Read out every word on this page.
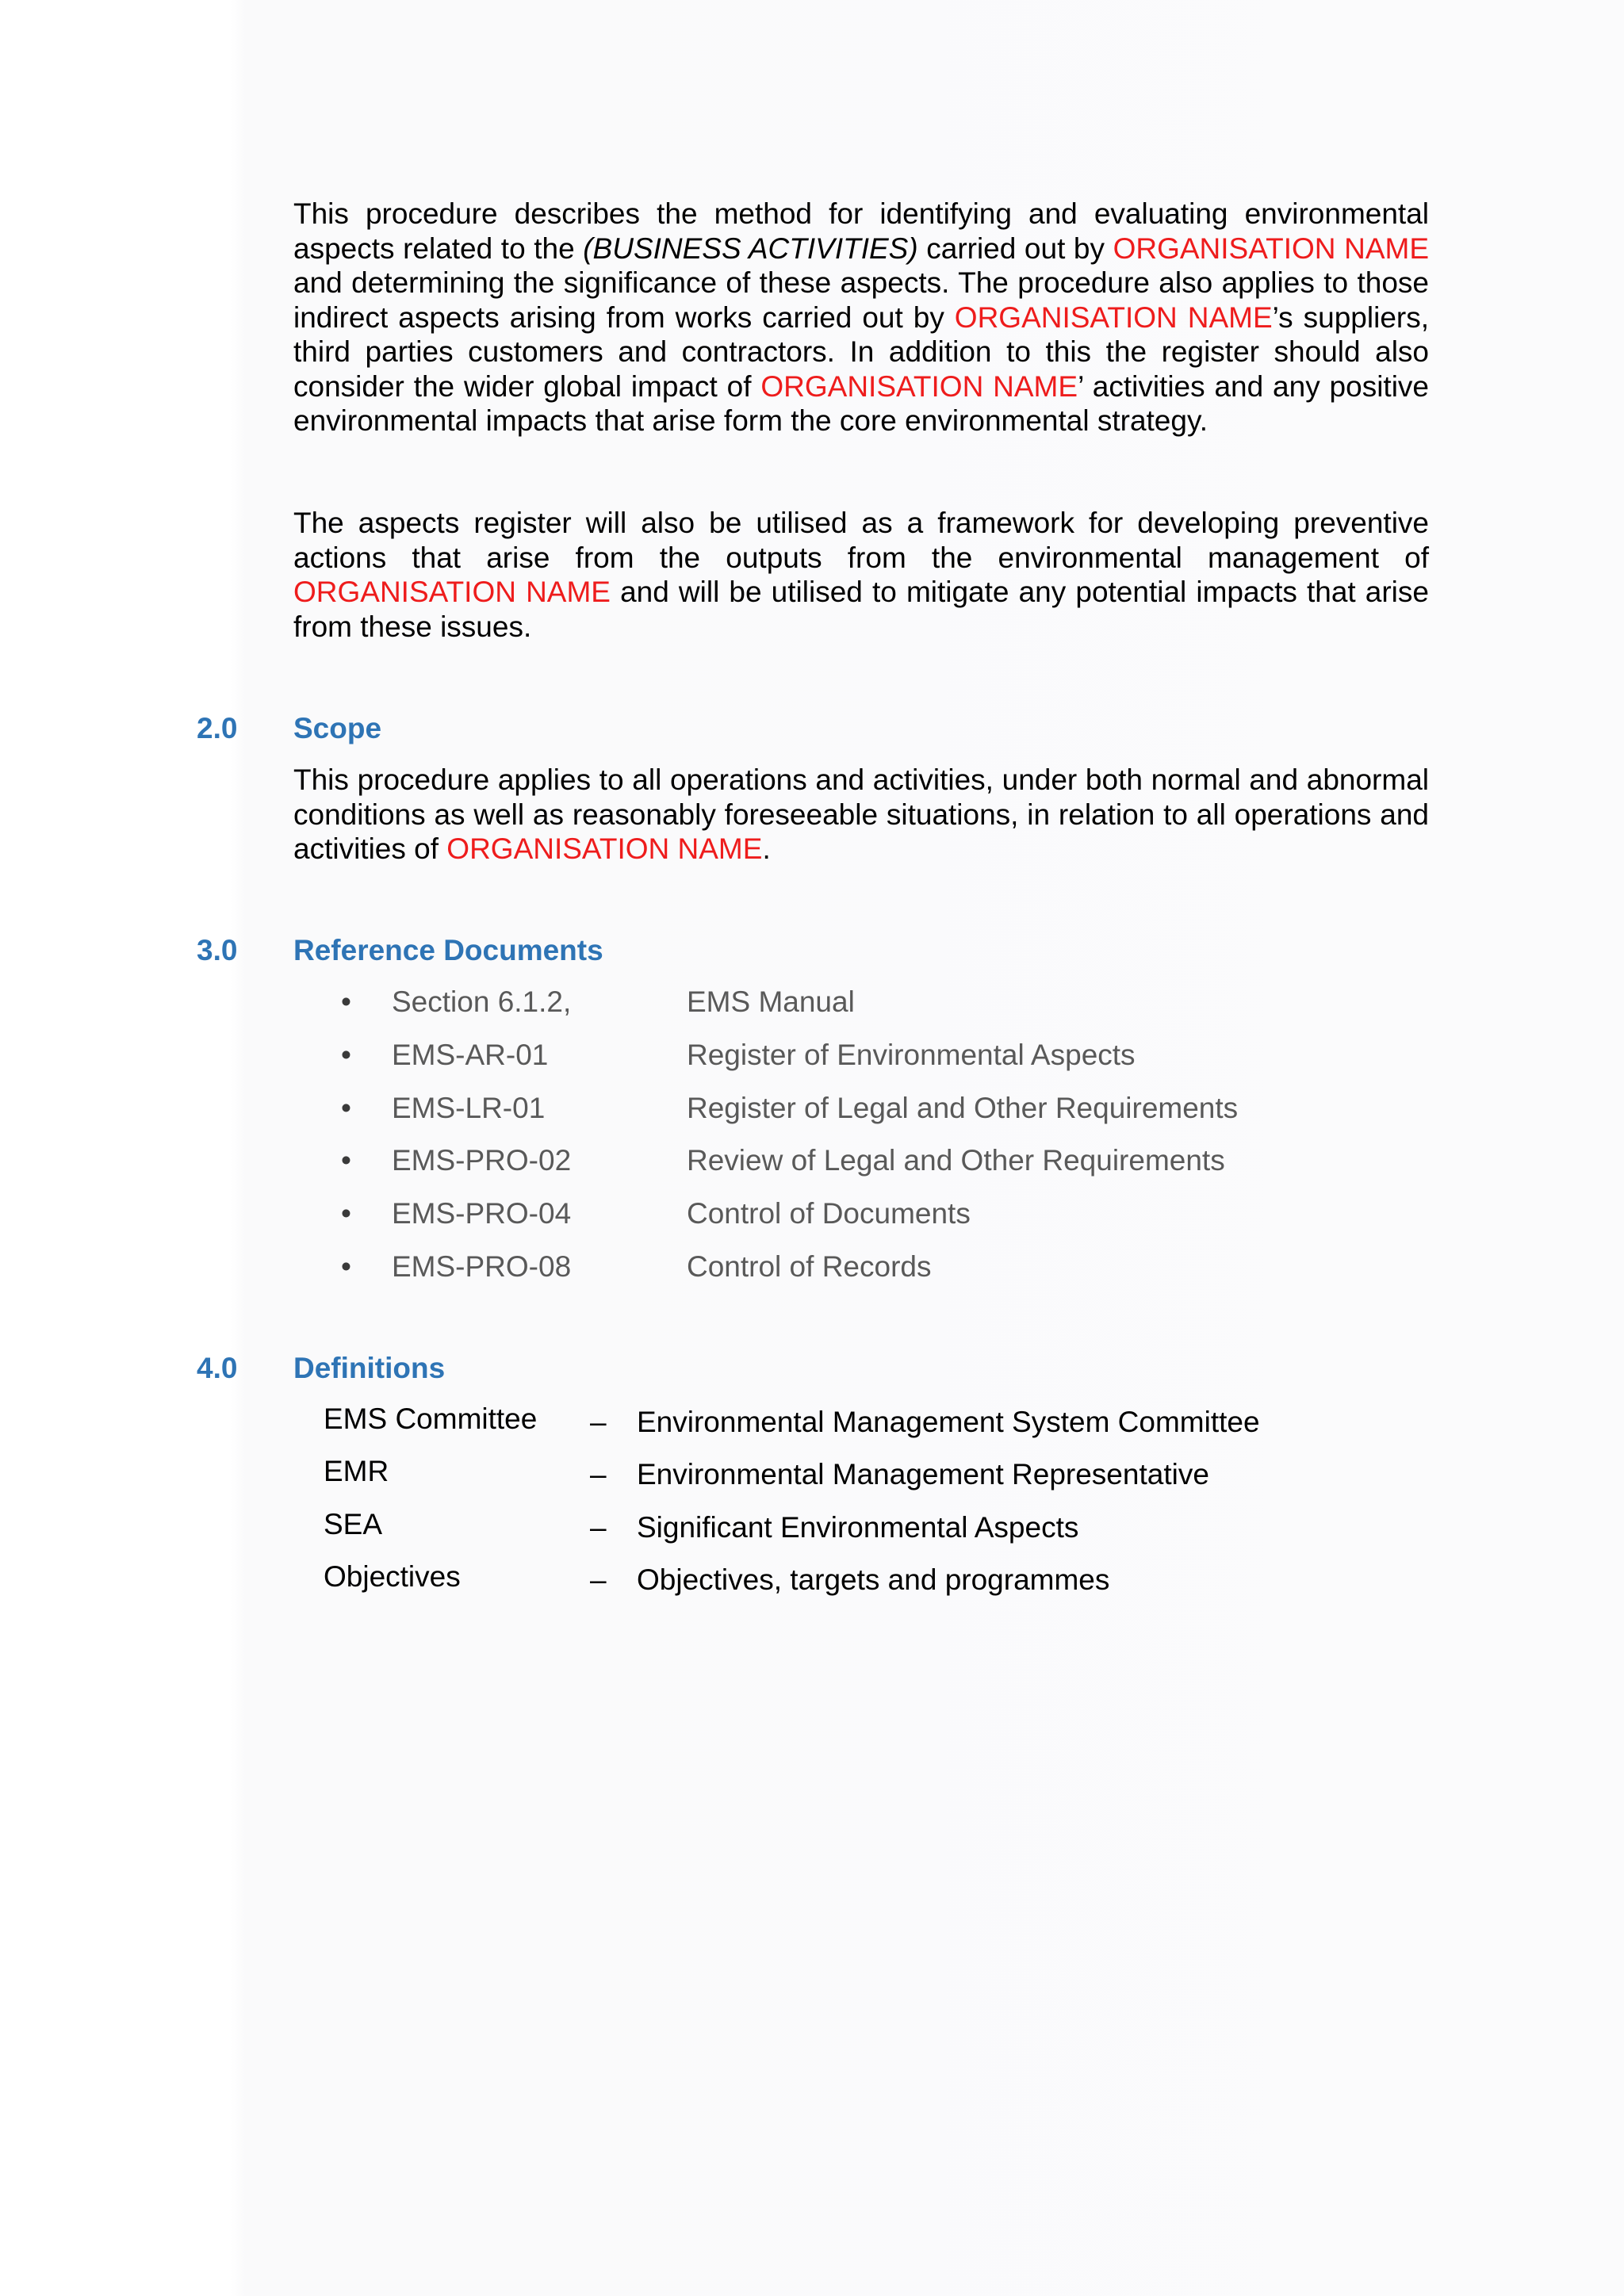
This procedure describes the method for identifying and evaluating environmental aspects related to the (BUSINESS ACTIVITIES) carried out by ORGANISATION NAME and determining the significance of these aspects. The procedure also applies to those indirect aspects arising from works carried out by ORGANISATION NAME’s suppliers, third parties customers and contractors. In addition to this the register should also consider the wider global impact of ORGANISATION NAME’ activities and any positive environmental impacts that arise form the core environmental strategy.

The aspects register will also be utilised as a framework for developing preventive actions that arise from the outputs from the environmental management of ORGANISATION NAME and will be utilised to mitigate any potential impacts that arise from these issues.

2.0 Scope

This procedure applies to all operations and activities, under both normal and abnormal conditions as well as reasonably foreseeable situations, in relation to all operations and activities of ORGANISATION NAME.

3.0 Reference Documents
• Section 6.1.2,	EMS Manual
• EMS-AR-01	Register of Environmental Aspects
• EMS-LR-01	Register of Legal and Other Requirements
• EMS-PRO-02	Review of Legal and Other Requirements
• EMS-PRO-04	Control of Documents
• EMS-PRO-08	Control of Records
4.0 Definitions
EMS Committee – Environmental Management System Committee
EMR	– Environmental Management Representative
SEA	– Significant Environmental Aspects
Objectives	– Objectives, targets and programmes
